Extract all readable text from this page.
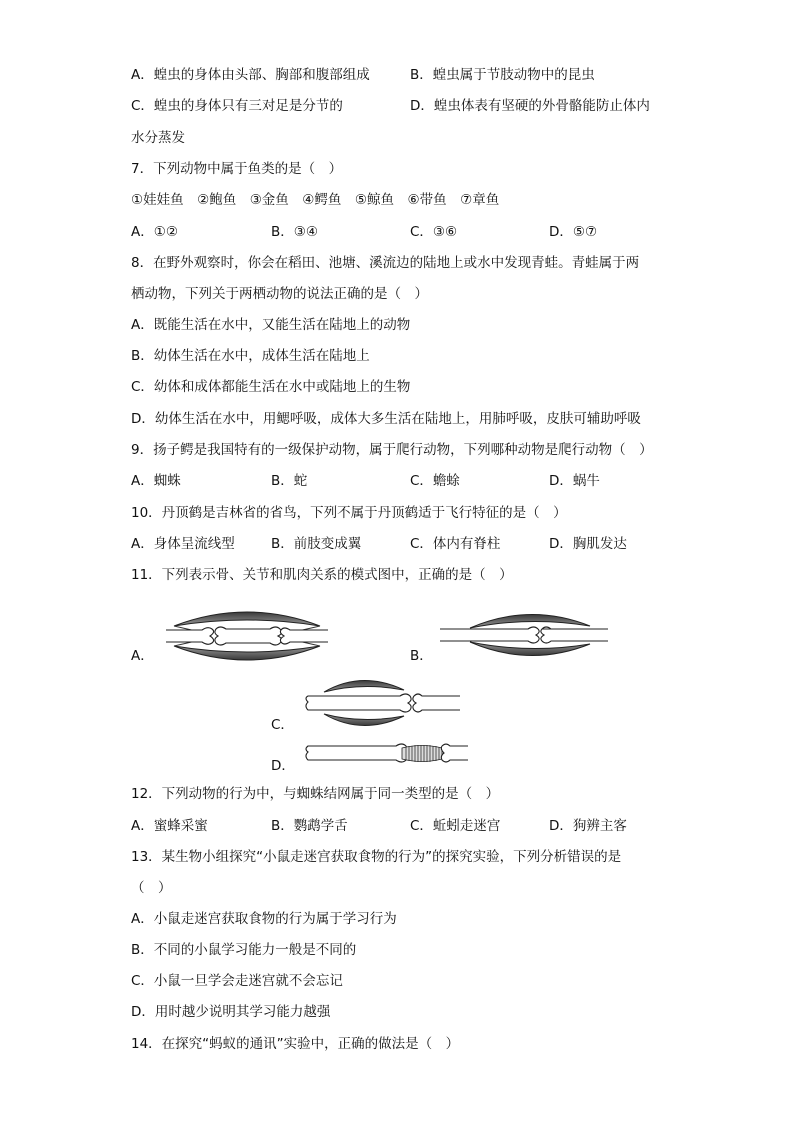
A．蝗虫的身体由头部、胸部和腹部组成	B．蝗虫属于节肢动物中的昆虫
C．蝗虫的身体只有三对足是分节的	D．蝗虫体表有坚硬的外骨骼能防止体内
水分蒸发
7．下列动物中属于鱼类的是（　）
①娃娃鱼　②鲍鱼　③金鱼　④鳄鱼　⑤鲸鱼　⑥带鱼　⑦章鱼
A．①②	B．③④	C．③⑥	D．⑤⑦
8．在野外观察时，你会在稻田、池塘、溪流边的陆地上或水中发现青蛙。青蛙属于两
栖动物，下列关于两栖动物的说法正确的是（　）
A．既能生活在水中，又能生活在陆地上的动物
B．幼体生活在水中，成体生活在陆地上
C．幼体和成体都能生活在水中或陆地上的生物
D．幼体生活在水中，用鳃呼吸，成体大多生活在陆地上，用肺呼吸，皮肤可辅助呼吸
9．扬子鳄是我国特有的一级保护动物，属于爬行动物，下列哪种动物是爬行动物（　）
A．蜘蛛	B．蛇	C．蟾蜍	D．蜗牛
10．丹顶鹤是吉林省的省鸟，下列不属于丹顶鹤适于飞行特征的是（　）
A．身体呈流线型	B．前肢变成翼	C．体内有脊柱	D．胸肌发达
11．下列表示骨、关节和肌肉关系的模式图中，正确的是（　）
A．	B．
C．
D．
12．下列动物的行为中，与蜘蛛结网属于同一类型的是（　）
A．蜜蜂采蜜	B．鹦鹉学舌	C．蚯蚓走迷宫	D．狗辨主客
13．某生物小组探究“小鼠走迷宫获取食物的行为”的探究实验，下列分析错误的是
（　）
A．小鼠走迷宫获取食物的行为属于学习行为
B．不同的小鼠学习能力一般是不同的
C．小鼠一旦学会走迷宫就不会忘记
D．用时越少说明其学习能力越强
14．在探究“蚂蚁的通讯”实验中，正确的做法是（　）
